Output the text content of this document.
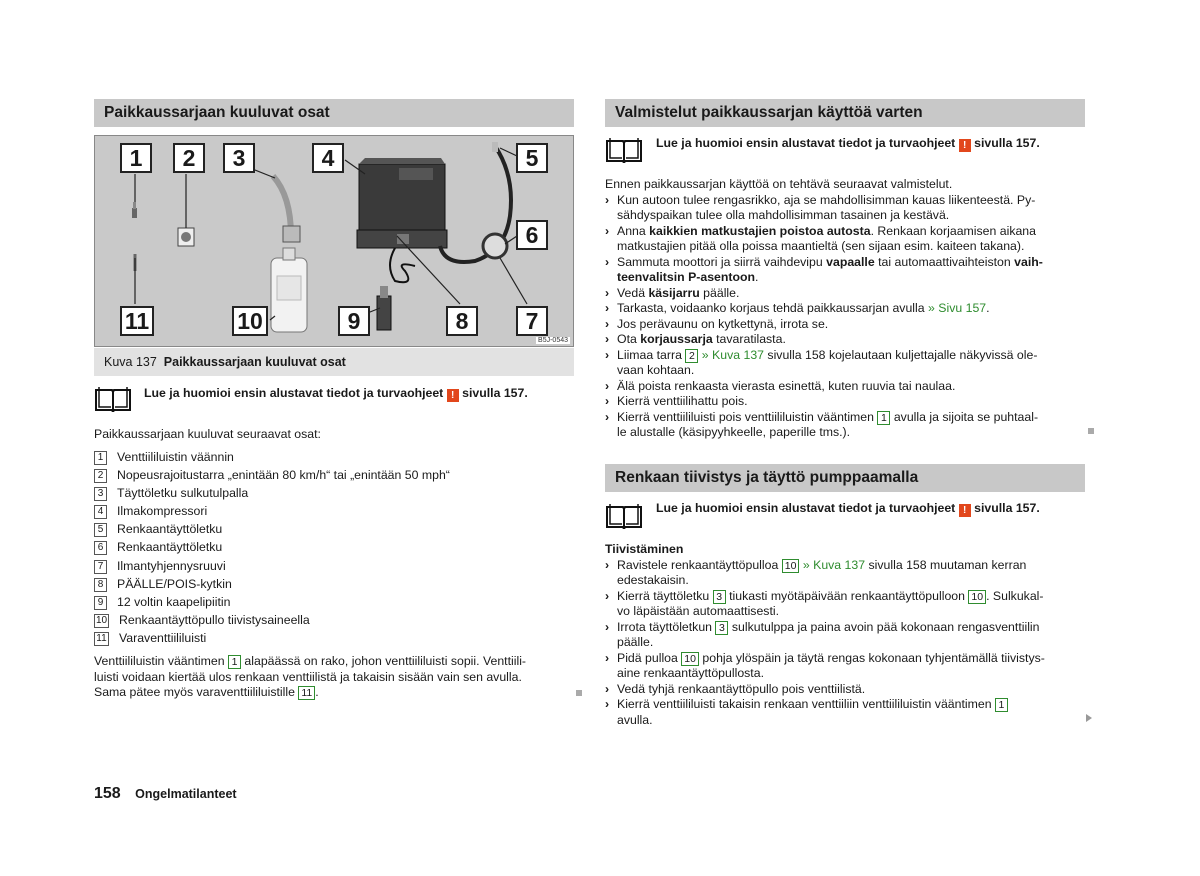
Paikkaussarjaan kuuluvat osat
1	2	3	4	5
6
7
8
9
10
11
B5J-0543
Kuva 137 Paikkaussarjaan kuuluvat osat
Lue ja huomioi ensin alustavat tiedot ja turvaohjeet ! sivulla 157.
Paikkaussarjaan kuuluvat seuraavat osat:
1 Venttiililuistin väännin
2 Nopeusrajoitustarra „enintään 80 km/h“ tai „enintään 50 mph“
3 Täyttöletku sulkutulpalla
4 Ilmakompressori
5 Renkaantäyttöletku
6 Renkaantäyttöletku
7 Ilmantyhjennysruuvi
8 PÄÄLLE/POIS-kytkin
9 12 voltin kaapelipiitin
10 Renkaantäyttöpullo tiivistysaineella
11 Varaventtiililuisti
Venttiililuistin vääntimen 1 alapäässä on rako, johon venttiililuisti sopii. Venttiili-
luisti voidaan kiertää ulos renkaan venttiilistä ja takaisin sisään vain sen avulla.
Sama pätee myös varaventtiililuistille 11 .
Valmistelut paikkaussarjan käyttöä varten
Lue ja huomioi ensin alustavat tiedot ja turvaohjeet ! sivulla 157.
Ennen paikkaussarjan käyttöä on tehtävä seuraavat valmistelut.
› Kun autoon tulee rengasrikko, aja se mahdollisimman kauas liikenteestä. Py-
sähdyspaikan tulee olla mahdollisimman tasainen ja kestävä.
› Anna kaikkien matkustajien poistoa autosta. Renkaan korjaamisen aikana
matkustajien pitää olla poissa maantieltä (sen sijaan esim. kaiteen takana).
› Sammuta moottori ja siirrä vaihdevipu vapaalle tai automaattivaihteiston vaih-
teenvalitsin P-asentoon.
› Vedä käsijarru päälle.
› Tarkasta, voidaanko korjaus tehdä paikkaussarjan avulla » Sivu 157.
› Jos perävaunu on kytkettynä, irrota se.
› Ota korjaussarja tavaratilasta.
› Liimaa tarra 2 » Kuva 137 sivulla 158 kojelautaan kuljettajalle näkyvissä ole-
vaan kohtaan.
› Älä poista renkaasta vierasta esinettä, kuten ruuvia tai naulaa.
› Kierrä venttiilihattu pois.
› Kierrä venttiililuisti pois venttiililuistin vääntimen 1 avulla ja sijoita se puhtaal-
le alustalle (käsipyyhkeelle, paperille tms.).
Renkaan tiivistys ja täyttö pumppaamalla
Lue ja huomioi ensin alustavat tiedot ja turvaohjeet ! sivulla 157.
Tiivistäminen
› Ravistele renkaantäyttöpulloa 10 » Kuva 137 sivulla 158 muutaman kerran
edestakaisin.
› Kierrä täyttöletku 3 tiukasti myötäpäivään renkaantäyttöpulloon 10 . Sulkukal-
vo läpäistään automaattisesti.
› Irrota täyttöletkun 3 sulkutulppa ja paina avoin pää kokonaan rengasventtiilin
päälle.
› Pidä pulloa 10 pohja ylöspäin ja täytä rengas kokonaan tyhjentämällä tiivistys-
aine renkaantäyttöpullosta.
› Vedä tyhjä renkaantäyttöpullo pois venttiilistä.
› Kierrä venttiililuisti takaisin renkaan venttiiliin venttiililuistin vääntimen 1
avulla.
158 Ongelmatilanteet
